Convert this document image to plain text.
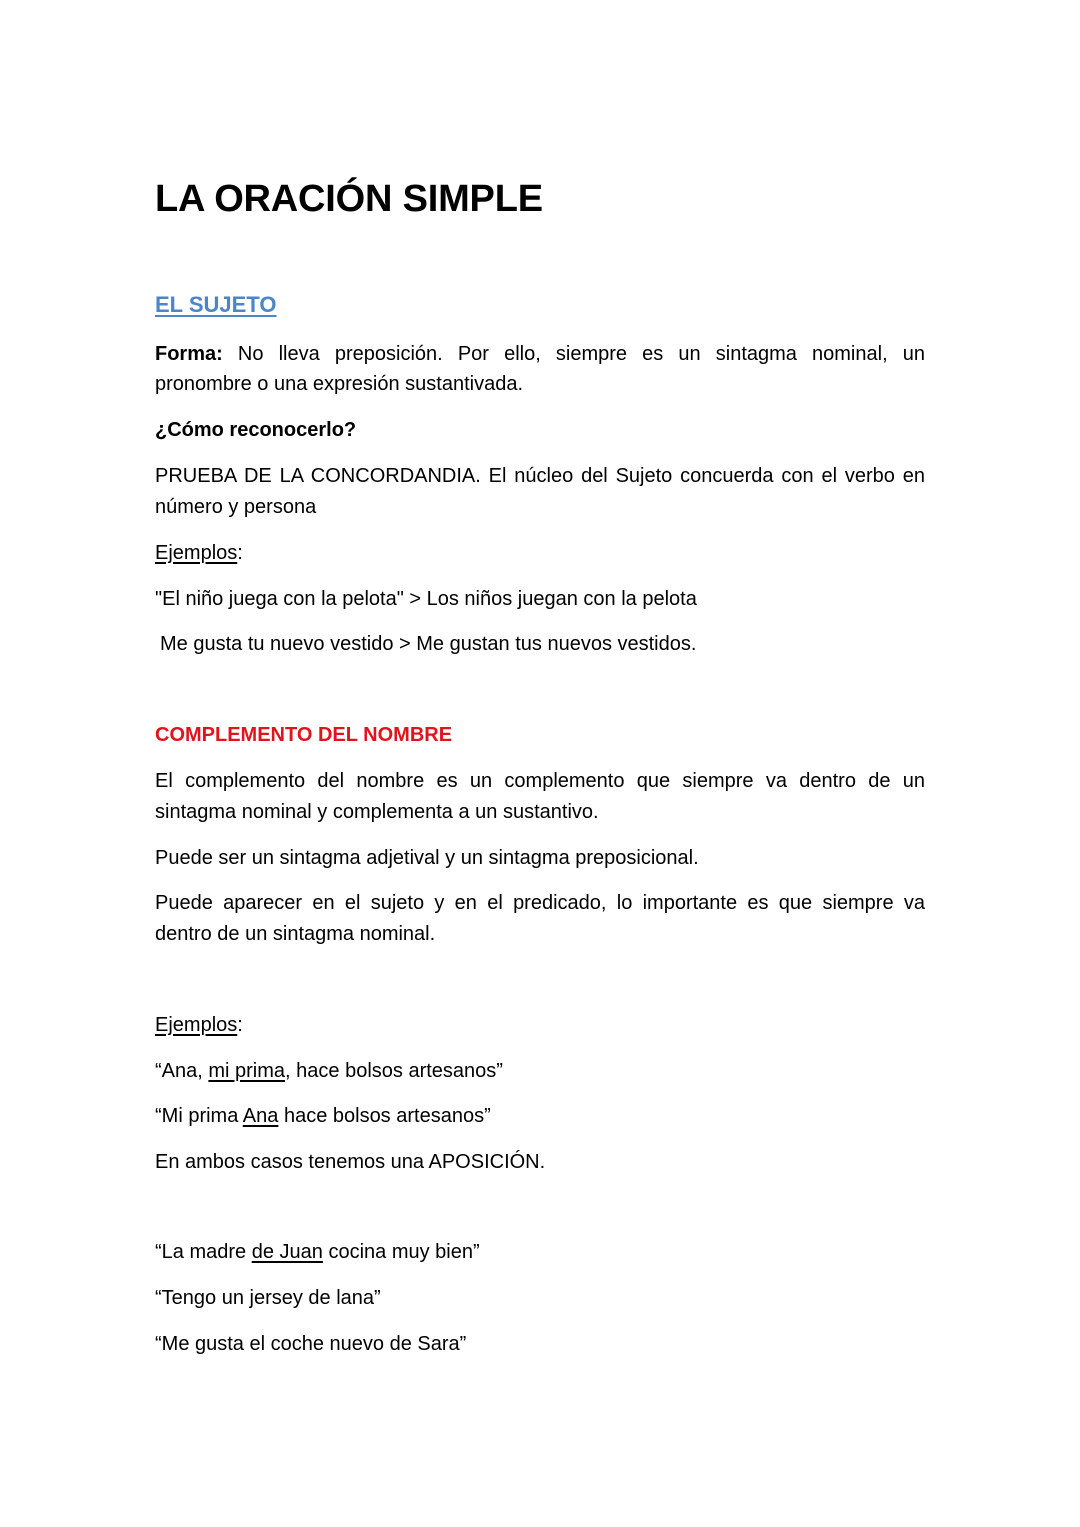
LA ORACIÓN SIMPLE
EL SUJETO
Forma: No lleva preposición. Por ello, siempre es un sintagma nominal, un
pronombre o una expresión sustantivada.
¿Cómo reconocerlo?
PRUEBA DE LA CONCORDANDIA. El núcleo del Sujeto concuerda con el verbo en
número y persona
Ejemplos:
"El niño juega con la pelota" > Los niños juegan con la pelota
Me gusta tu nuevo vestido > Me gustan tus nuevos vestidos.
COMPLEMENTO DEL NOMBRE
El complemento del nombre es un complemento que siempre va dentro de un
sintagma nominal y complementa a un sustantivo.
Puede ser un sintagma adjetival y un sintagma preposicional.
Puede aparecer en el sujeto y en el predicado, lo importante es que siempre va
dentro de un sintagma nominal.
Ejemplos:
“Ana, mi prima, hace bolsos artesanos”
“Mi prima Ana hace bolsos artesanos”
En ambos casos tenemos una APOSICIÓN.
“La madre de Juan cocina muy bien”
“Tengo un jersey de lana”
“Me gusta el coche nuevo de Sara”
